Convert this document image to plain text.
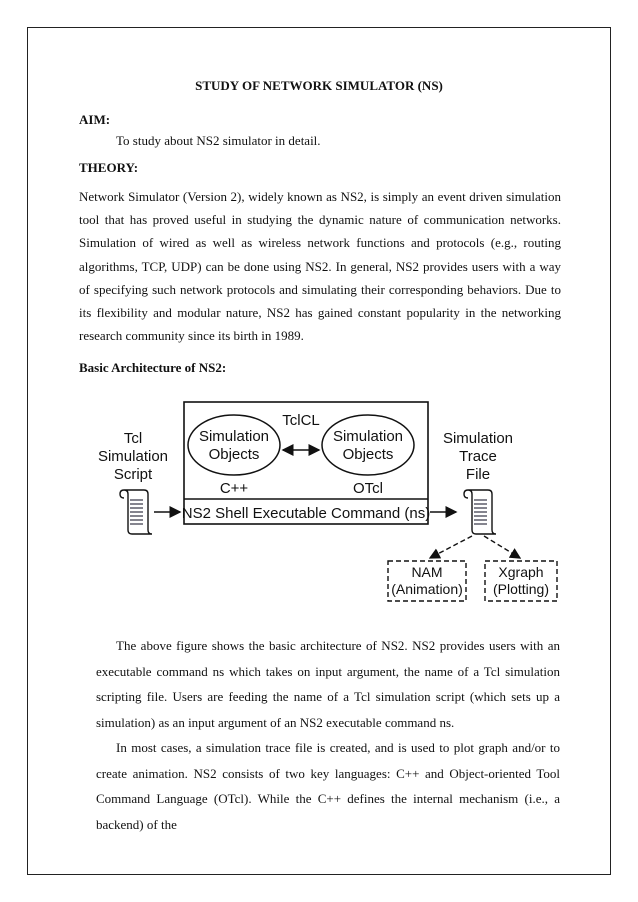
STUDY OF NETWORK SIMULATOR (NS)
AIM:
To study about NS2 simulator in detail.
THEORY:

Network Simulator (Version 2), widely known as NS2, is simply an event driven simulation tool that has proved useful in studying the dynamic nature of communication networks. Simulation of wired as well as wireless network functions and protocols (e.g., routing algorithms, TCP, UDP) can be done using NS2. In general, NS2 provides users with a way of specifying such network protocols and simulating their corresponding behaviors. Due to its flexibility and modular nature, NS2 has gained constant popularity in the networking research community since its birth in 1989.

Basic Architecture of NS2:
Tcl
Simulation
Script
Simulation
Objects
Simulation
Objects
TclCL
C++	OTcl
NS2 Shell Executable Command (ns)
Simulation
Trace
File
NAM
(Animation)
Xgraph
(Plotting)

The above figure shows the basic architecture of NS2. NS2 provides users with an executable command ns which takes on input argument, the name of a Tcl simulation scripting file. Users are feeding the name of a Tcl simulation script (which sets up a simulation) as an input argument of an NS2 executable command ns.

In most cases, a simulation trace file is created, and is used to plot graph and/or to create animation. NS2 consists of two key languages: C++ and Object-oriented Tool Command Language (OTcl). While the C++ defines the internal mechanism (i.e., a backend) of the
